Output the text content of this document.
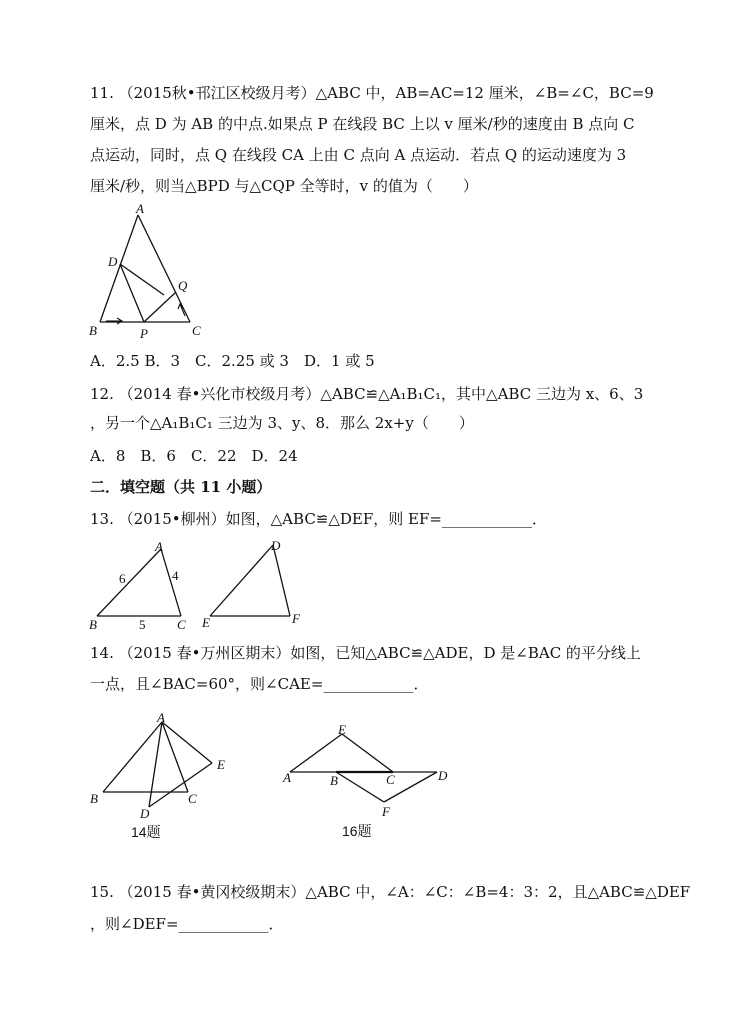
11. （2015秋•邗江区校级月考）△ABC 中，AB=AC=12 厘米，∠B=∠C，BC=9
厘米，点 D 为 AB 的中点.如果点 P 在线段 BC 上以 v 厘米/秒的速度由 B 点向 C
点运动，同时，点 Q 在线段 CA 上由 C 点向 A 点运动．若点 Q 的运动速度为 3
厘米/秒，则当△BPD 与△CQP 全等时，v 的值为（　　）
A
D
Q
B	P	C
A．2.5 B．3　C．2.25 或 3　D．1 或 5
12. （2014 春•兴化市校级月考）△ABC≌△A₁B₁C₁，其中△ABC 三边为 x、6、3
，另一个△A₁B₁C₁ 三边为 3、y、8．那么 2x+y（　　）
A．8　B．6　C．22　D．24
二．填空题（共 11 小题）
13. （2015•柳州）如图，△ABC≌△DEF，则 EF=____________．
A
6	4
B	5 C
D
E	F
14. （2015 春•万州区期末）如图，已知△ABC≌△ADE，D 是∠BAC 的平分线上
一点，且∠BAC=60°，则∠CAE=____________．
A
E
B	C
D
14题
E
A	B	C	D
F
16题
15. （2015 春•黄冈校级期末）△ABC 中，∠A：∠C：∠B=4：3：2，且△ABC≌△DEF
，则∠DEF=____________．
